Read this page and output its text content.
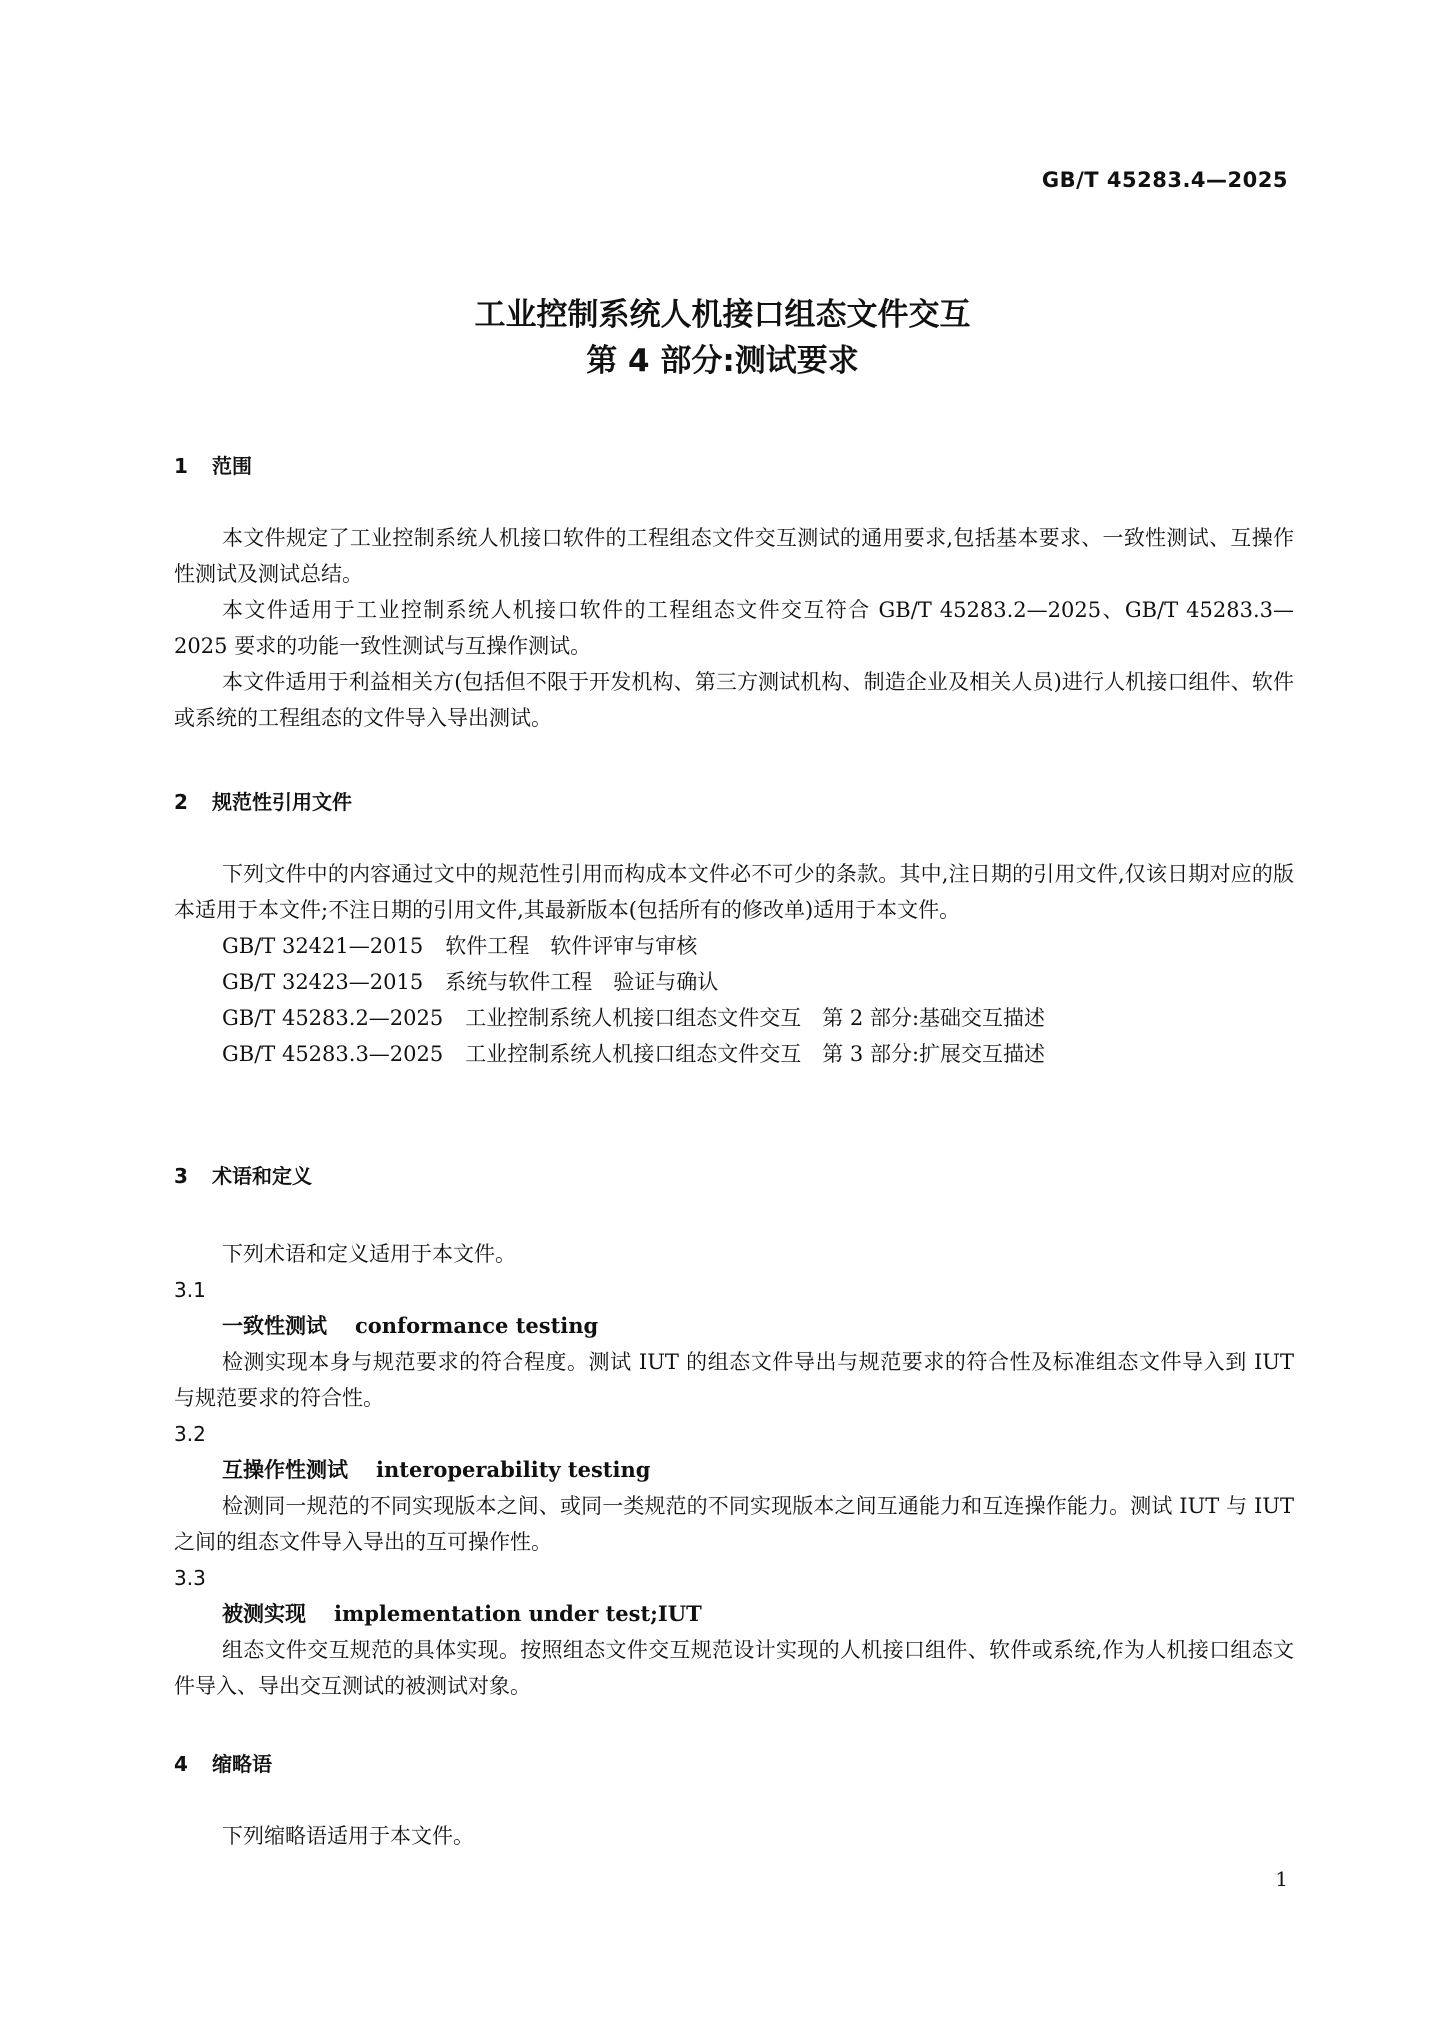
GB/T 45283.4—2025
工业控制系统人机接口组态文件交互
第 4 部分:测试要求
1 范围

本文件规定了工业控制系统人机接口软件的工程组态文件交互测试的通用要求,包括基本要求、一致性测试、互操作性测试及测试总结。

本文件适用于工业控制系统人机接口软件的工程组态文件交互符合 GB/T 45283.2—2025、GB/T 45283.3—2025 要求的功能一致性测试与互操作测试。

本文件适用于利益相关方(包括但不限于开发机构、第三方测试机构、制造企业及相关人员)进行人机接口组件、软件或系统的工程组态的文件导入导出测试。

2 规范性引用文件

下列文件中的内容通过文中的规范性引用而构成本文件必不可少的条款。其中,注日期的引用文件,仅该日期对应的版本适用于本文件;不注日期的引用文件,其最新版本(包括所有的修改单)适用于本文件。

GB/T 32421—2015 软件工程　软件评审与审核
GB/T 32423—2015 系统与软件工程　验证与确认
GB/T 45283.2—2025 工业控制系统人机接口组态文件交互　第 2 部分:基础交互描述
GB/T 45283.3—2025 工业控制系统人机接口组态文件交互　第 3 部分:扩展交互描述
3 术语和定义

下列术语和定义适用于本文件。

3.1
一致性测试 conformance testing

检测实现本身与规范要求的符合程度。测试 IUT 的组态文件导出与规范要求的符合性及标准组态文件导入到 IUT 与规范要求的符合性。

3.2
互操作性测试 interoperability testing

检测同一规范的不同实现版本之间、或同一类规范的不同实现版本之间互通能力和互连操作能力。测试 IUT 与 IUT 之间的组态文件导入导出的互可操作性。

3.3
被测实现 implementation under test;IUT

组态文件交互规范的具体实现。按照组态文件交互规范设计实现的人机接口组件、软件或系统,作为人机接口组态文件导入、导出交互测试的被测试对象。

4 缩略语

下列缩略语适用于本文件。

1
